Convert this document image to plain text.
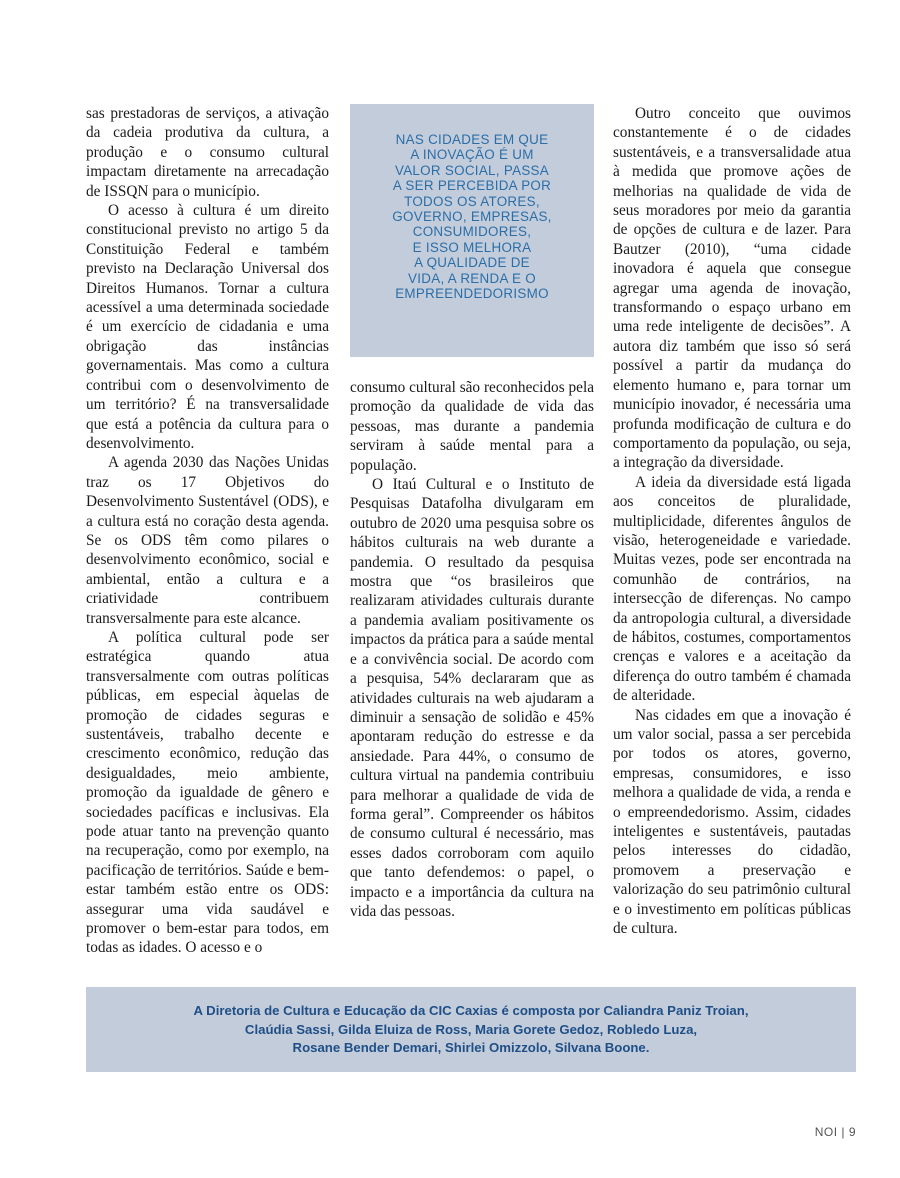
sas prestadoras de serviços, a ativação da cadeia produtiva da cultura, a produção e o consumo cultural impactam diretamente na arrecadação de ISSQN para o município.

O acesso à cultura é um direito constitucional previsto no artigo 5 da Constituição Federal e também previsto na Declaração Universal dos Direitos Humanos. Tornar a cultura acessível a uma determinada sociedade é um exercício de cidadania e uma obrigação das instâncias governamentais. Mas como a cultura contribui com o desenvolvimento de um território? É na transversalidade que está a potência da cultura para o desenvolvimento.

A agenda 2030 das Nações Unidas traz os 17 Objetivos do Desenvolvimento Sustentável (ODS), e a cultura está no coração desta agenda. Se os ODS têm como pilares o desenvolvimento econômico, social e ambiental, então a cultura e a criatividade contribuem transversalmente para este alcance.

A política cultural pode ser estratégica quando atua transversalmente com outras políticas públicas, em especial àquelas de promoção de cidades seguras e sustentáveis, trabalho decente e crescimento econômico, redução das desigualdades, meio ambiente, promoção da igualdade de gênero e sociedades pacíficas e inclusivas. Ela pode atuar tanto na prevenção quanto na recuperação, como por exemplo, na pacificação de territórios. Saúde e bem-estar também estão entre os ODS: assegurar uma vida saudável e promover o bem-estar para todos, em todas as idades. O acesso e o

NAS CIDADES EM QUE
A INOVAÇÃO É UM
VALOR SOCIAL, PASSA
A SER PERCEBIDA POR
TODOS OS ATORES,
GOVERNO, EMPRESAS,
CONSUMIDORES,
E ISSO MELHORA
A QUALIDADE DE
VIDA, A RENDA E O
EMPREENDEDORISMO

consumo cultural são reconhecidos pela promoção da qualidade de vida das pessoas, mas durante a pandemia serviram à saúde mental para a população.

O Itaú Cultural e o Instituto de Pesquisas Datafolha divulgaram em outubro de 2020 uma pesquisa sobre os hábitos culturais na web durante a pandemia. O resultado da pesquisa mostra que “os brasileiros que realizaram atividades culturais durante a pandemia avaliam positivamente os impactos da prática para a saúde mental e a convivência social. De acordo com a pesquisa, 54% declararam que as atividades culturais na web ajudaram a diminuir a sensação de solidão e 45% apontaram redução do estresse e da ansiedade. Para 44%, o consumo de cultura virtual na pandemia contribuiu para melhorar a qualidade de vida de forma geral”. Compreender os hábitos de consumo cultural é necessário, mas esses dados corroboram com aquilo que tanto defendemos: o papel, o impacto e a importância da cultura na vida das pessoas.

Outro conceito que ouvimos constantemente é o de cidades sustentáveis, e a transversalidade atua à medida que promove ações de melhorias na qualidade de vida de seus moradores por meio da garantia de opções de cultura e de lazer. Para Bautzer (2010), “uma cidade inovadora é aquela que consegue agregar uma agenda de inovação, transformando o espaço urbano em uma rede inteligente de decisões”. A autora diz também que isso só será possível a partir da mudança do elemento humano e, para tornar um município inovador, é necessária uma profunda modificação de cultura e do comportamento da população, ou seja, a integração da diversidade.

A ideia da diversidade está ligada aos conceitos de pluralidade, multiplicidade, diferentes ângulos de visão, heterogeneidade e variedade. Muitas vezes, pode ser encontrada na comunhão de contrários, na intersecção de diferenças. No campo da antropologia cultural, a diversidade de hábitos, costumes, comportamentos crenças e valores e a aceitação da diferença do outro também é chamada de alteridade.

Nas cidades em que a inovação é um valor social, passa a ser percebida por todos os atores, governo, empresas, consumidores, e isso melhora a qualidade de vida, a renda e o empreendedorismo. Assim, cidades inteligentes e sustentáveis, pautadas pelos interesses do cidadão, promovem a preservação e valorização do seu patrimônio cultural e o investimento em políticas públicas de cultura.

A Diretoria de Cultura e Educação da CIC Caxias é composta por Caliandra Paniz Troian,
Claúdia Sassi, Gilda Eluiza de Ross, Maria Gorete Gedoz, Robledo Luza,
Rosane Bender Demari, Shirlei Omizzolo, Silvana Boone.
NOI | 9
